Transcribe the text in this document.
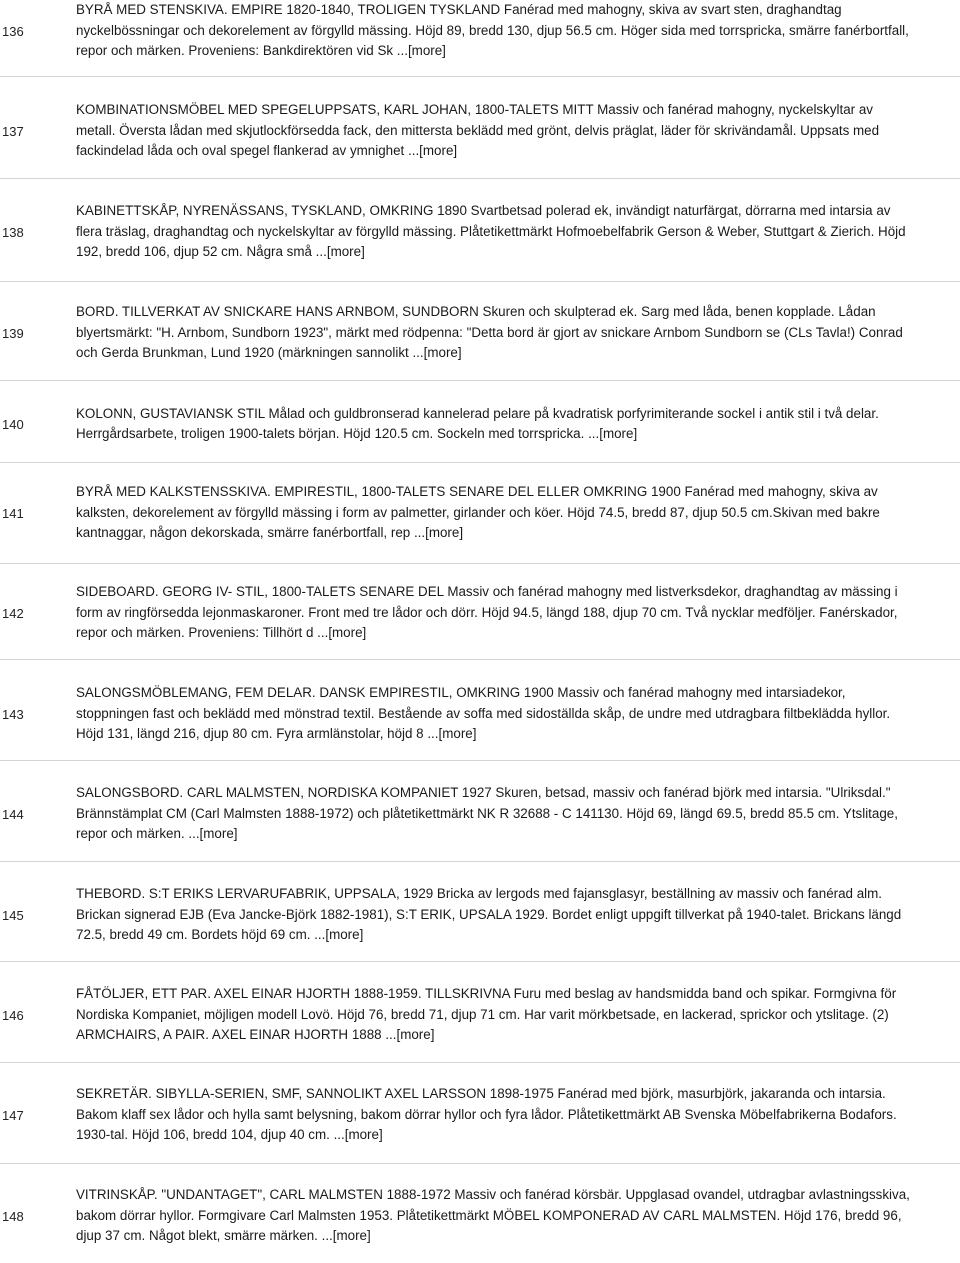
136
BYRÅ MED STENSKIVA. EMPIRE 1820-1840, TROLIGEN TYSKLAND Fanérad med mahogny, skiva av svart sten, draghandtag nyckelbössningar och dekorelement av förgylld mässing. Höjd 89, bredd 130, djup 56.5 cm. Höger sida med torrspricka, smärre fanérbortfall, repor och märken. Proveniens: Bankdirektören vid Sk ...[more]
137
KOMBINATIONSMÖBEL MED SPEGELUPPSATS, KARL JOHAN, 1800-TALETS MITT Massiv och fanérad mahogny, nyckelskyltar av metall. Översta lådan med skjutlockförsedda fack, den mittersta beklädd med grönt, delvis präglat, läder för skrivändamål. Uppsats med fackindelad låda och oval spegel flankerad av ymnighet ...[more]
138
KABINETTSKÅP, NYRENÄSSANS, TYSKLAND, OMKRING 1890 Svartbetsad polerad ek, invändigt naturfärgat, dörrarna med intarsia av flera träslag, draghandtag och nyckelskyltar av förgylld mässing. Plåtetikettmärkt Hofmoebelfabrik Gerson & Weber, Stuttgart & Zierich. Höjd 192, bredd 106, djup 52 cm. Några små ...[more]
139
BORD. TILLVERKAT AV SNICKARE HANS ARNBOM, SUNDBORN Skuren och skulpterad ek. Sarg med låda, benen kopplade. Lådan blyertsmärkt: "H. Arnbom, Sundborn 1923", märkt med rödpenna: "Detta bord är gjort av snickare Arnbom Sundborn se (CLs Tavla!) Conrad och Gerda Brunkman, Lund 1920 (märkningen sannolikt ...[more]
140
KOLONN, GUSTAVIANSK STIL Målad och guldbronserad kannelerad pelare på kvadratisk porfyrimiterande sockel i antik stil i två delar. Herrgårdsarbete, troligen 1900-talets början. Höjd 120.5 cm. Sockeln med torrspricka. ...[more]
141
BYRÅ MED KALKSTENSSKIVA. EMPIRESTIL, 1800-TALETS SENARE DEL ELLER OMKRING 1900 Fanérad med mahogny, skiva av kalksten, dekorelement av förgylld mässing i form av palmetter, girlander och köer. Höjd 74.5, bredd 87, djup 50.5 cm.Skivan med bakre kantnaggar, någon dekorskada, smärre fanérbortfall, rep ...[more]
142
SIDEBOARD. GEORG IV- STIL, 1800-TALETS SENARE DEL Massiv och fanérad mahogny med listverksdekor, draghandtag av mässing i form av ringförsedda lejonmaskaroner. Front med tre lådor och dörr. Höjd 94.5, längd 188, djup 70 cm. Två nycklar medföljer. Fanérskador, repor och märken. Proveniens: Tillhört d ...[more]
143
SALONGSMÖBLEMANG, FEM DELAR. DANSK EMPIRESTIL, OMKRING 1900 Massiv och fanérad mahogny med intarsiadekor, stoppningen fast och beklädd med mönstrad textil. Bestående av soffa med sidoställda skåp, de undre med utdragbara filtbeklädda hyllor. Höjd 131, längd 216, djup 80 cm. Fyra armlänstolar, höjd 8 ...[more]
144
SALONGSBORD. CARL MALMSTEN, NORDISKA KOMPANIET 1927 Skuren, betsad, massiv och fanérad björk med intarsia. "Ulriksdal." Brännstämplat CM (Carl Malmsten 1888-1972) och plåtetikettmärkt NK R 32688 - C 141130. Höjd 69, längd 69.5, bredd 85.5 cm. Ytslitage, repor och märken. ...[more]
145
THEBORD. S:T ERIKS LERVARUFABRIK, UPPSALA, 1929 Bricka av lergods med fajansglasyr, beställning av massiv och fanérad alm. Brickan signerad EJB (Eva Jancke-Björk 1882-1981), S:T ERIK, UPSALA 1929. Bordet enligt uppgift tillverkat på 1940-talet. Brickans längd 72.5, bredd 49 cm. Bordets höjd 69 cm. ...[more]
146
FÅTÖLJER, ETT PAR. AXEL EINAR HJORTH 1888-1959. TILLSKRIVNA Furu med beslag av handsmidda band och spikar. Formgivna för Nordiska Kompaniet, möjligen modell Lovö. Höjd 76, bredd 71, djup 71 cm. Har varit mörkbetsade, en lackerad, sprickor och ytslitage. (2) ARMCHAIRS, A PAIR. AXEL EINAR HJORTH 1888 ...[more]
147
SEKRETÄR. SIBYLLA-SERIEN, SMF, SANNOLIKT AXEL LARSSON 1898-1975 Fanérad med björk, masurbjörk, jakaranda och intarsia. Bakom klaff sex lådor och hylla samt belysning, bakom dörrar hyllor och fyra lådor. Plåtetikettmärkt AB Svenska Möbelfabrikerna Bodafors. 1930-tal. Höjd 106, bredd 104, djup 40 cm. ...[more]
148
VITRINSKÅP. "UNDANTAGET", CARL MALMSTEN 1888-1972 Massiv och fanérad körsbär. Uppglasad ovandel, utdragbar avlastningsskiva, bakom dörrar hyllor. Formgivare Carl Malmsten 1953. Plåtetikettmärkt MÖBEL KOMPONERAD AV CARL MALMSTEN. Höjd 176, bredd 96, djup 37 cm. Något blekt, smärre märken. ...[more]
